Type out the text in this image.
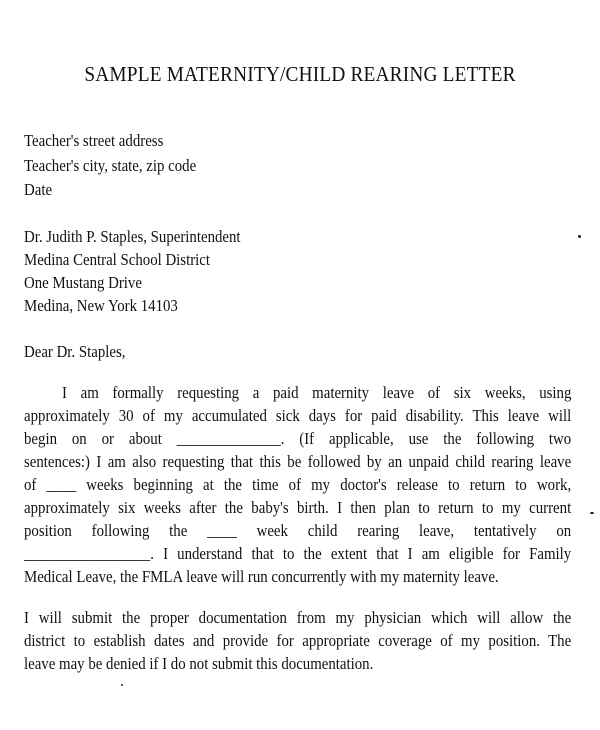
SAMPLE MATERNITY/CHILD REARING LETTER
Teacher's street address
Teacher's city, state, zip code
Date
Dr. Judith P. Staples, Superintendent
Medina Central School District
One Mustang Drive
Medina, New York 14103
Dear Dr. Staples,
I am formally requesting a paid maternity leave of six weeks, using
approximately 30 of my accumulated sick days for paid disability. This leave will
begin on or about ______________. (If applicable, use the following two
sentences:) I am also requesting that this be followed by an unpaid child rearing leave
of ____ weeks beginning at the time of my doctor's release to return to work,
approximately six weeks after the baby's birth. I then plan to return to my current
position following the ____ week child rearing leave, tentatively on
_________________. I understand that to the extent that I am eligible for Family
Medical Leave, the FMLA leave will run concurrently with my maternity leave.
I will submit the proper documentation from my physician which will allow the
district to establish dates and provide for appropriate coverage of my position. The
leave may be denied if I do not submit this documentation.
